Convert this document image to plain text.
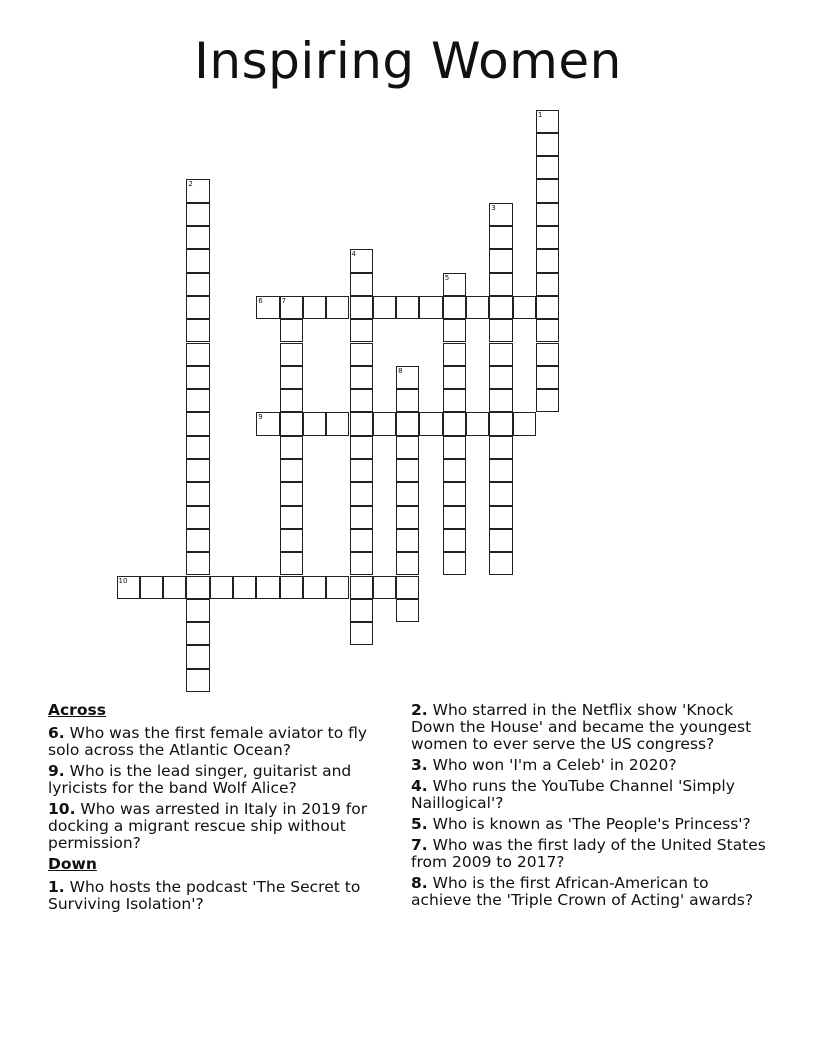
Inspiring Women
1
2
3
4
5
6	7
8
9
10
Across
6. Who was the first female aviator to fly solo across the Atlantic Ocean?
9. Who is the lead singer, guitarist and lyricists for the band Wolf Alice?
10. Who was arrested in Italy in 2019 for docking a migrant rescue ship without permission?
Down
1. Who hosts the podcast 'The Secret to Surviving Isolation'?
2. Who starred in the Netflix show 'Knock Down the House' and became the youngest women to ever serve the US congress?
3. Who won 'I'm a Celeb' in 2020?
4. Who runs the YouTube Channel 'Simply Naillogical'?
5. Who is known as 'The People's Princess'?
7. Who was the first lady of the United States from 2009 to 2017?
8. Who is the first African-American to achieve the 'Triple Crown of Acting' awards?
